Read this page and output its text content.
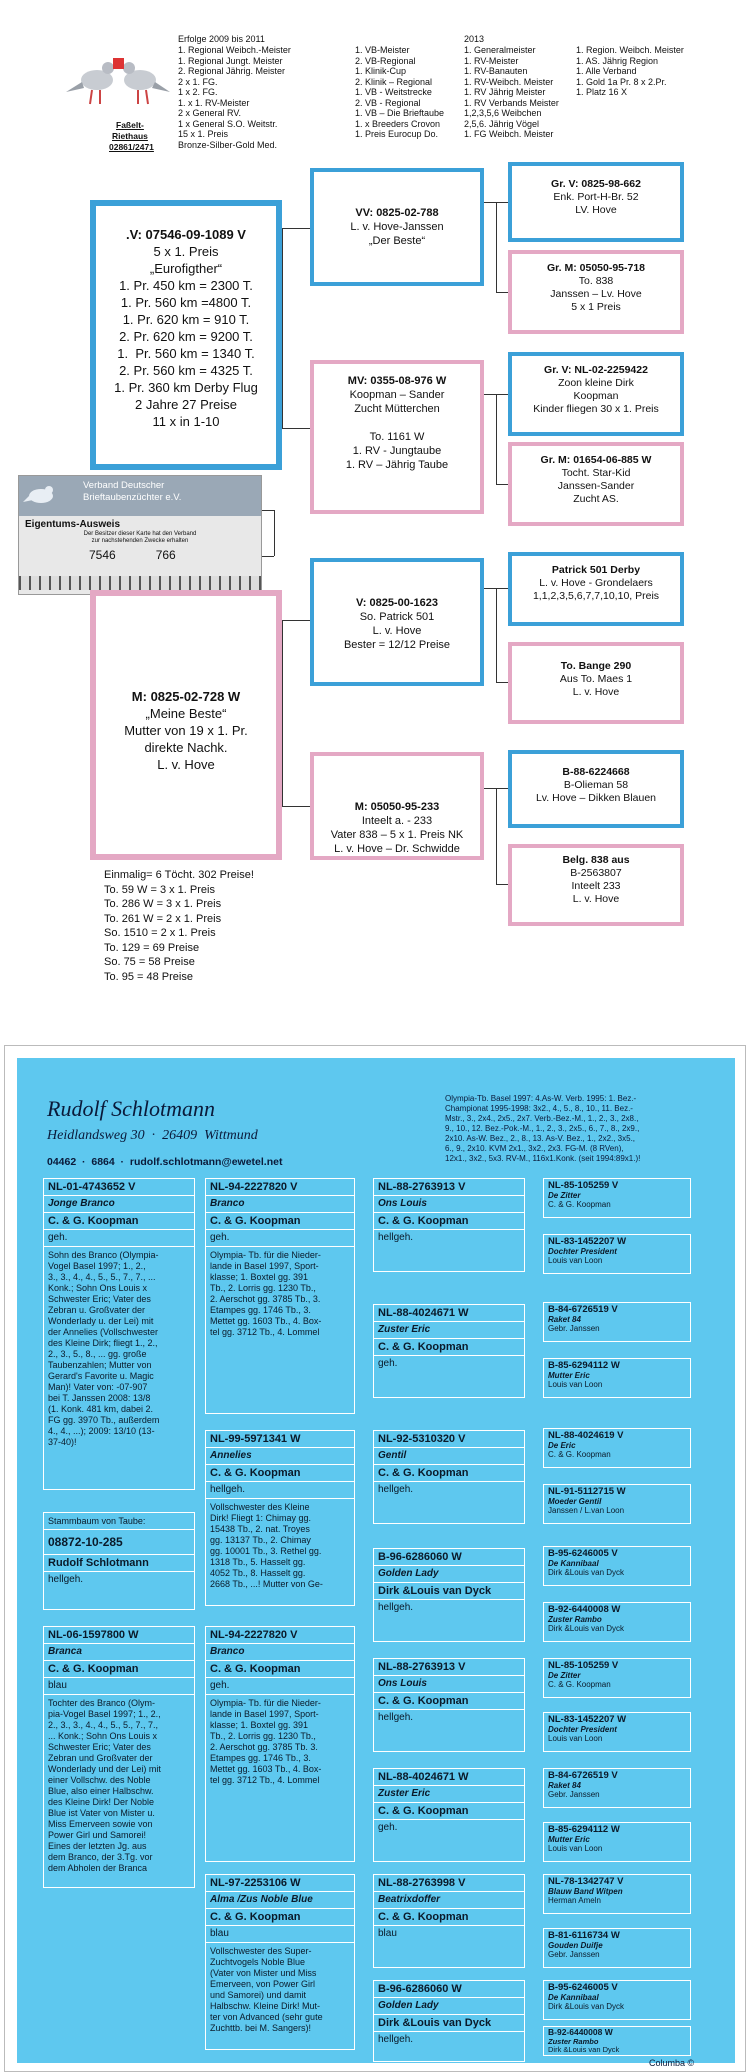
Faßelt-
Riethaus
02861/2471
Erfolge 2009 bis 2011
1. Regional Weibch.-Meister
1. Regional Jungt. Meister
2. Regional Jährig. Meister
2 x 1. FG.
1 x 2. FG.
1. x 1. RV-Meister
2 x General RV.
1 x General S.O. Weitstr.
15 x 1. Preis
Bronze-Silber-Gold Med.
1. VB-Meister
2. VB-Regional
1. Klinik-Cup
2. Klinik – Regional
1. VB - Weitstrecke
2. VB - Regional
1. VB – Die Brieftaube
1. x Breeders Crovon
1. Preis Eurocup Do.
2013
1. Generalmeister
1. RV-Meister
1. RV-Banauten
1. RV-Weibch. Meister
1. RV Jährig Meister
1. RV Verbands Meister
1,2,3,5,6 Weibchen
2,5,6. Jährig Vögel
1. FG Weibch. Meister
1. Region. Weibch. Meister
1. AS. Jährig Region
1. Alle Verband
1. Gold 1a Pr. 8 x 2.Pr.
1. Platz 16 X
.V: 07546-09-1089 V
5 x 1. Preis
„Eurofigther“
1. Pr. 450 km = 2300 T.
1. Pr. 560 km =4800 T.
1. Pr. 620 km = 910 T.
2. Pr. 620 km = 9200 T.
1.  Pr. 560 km = 1340 T.
2. Pr. 560 km = 4325 T.
1. Pr. 360 km Derby Flug
2 Jahre 27 Preise
11 x in 1-10
VV: 0825-02-788
L. v. Hove-Janssen
„Der Beste“
MV: 0355-08-976 W
Koopman – Sander
Zucht Mütterchen

To. 1161 W
1. RV - Jungtaube
1. RV – Jährig Taube
Gr. V: 0825-98-662
Enk. Port-H-Br. 52
LV. Hove
Gr. M: 05050-95-718
To. 838
Janssen – Lv. Hove
5 x 1 Preis
Gr. V: NL-02-2259422
Zoon kleine Dirk
Koopman
Kinder fliegen 30 x 1. Preis
Gr. M: 01654-06-885 W
Tocht. Star-Kid
Janssen-Sander
Zucht AS.
Verband Deutscher
Brieftaubenzüchter e.V.
Eigentums-Ausweis
Der Besitzer dieser Karte hat den Verband
zur nachstehenden Zwecke erhalten
7546	766
M: 0825-02-728 W
„Meine Beste“
Mutter von 19 x 1. Pr.
direkte Nachk.
L. v. Hove
V: 0825-00-1623
So. Patrick 501
L. v. Hove
Bester = 12/12 Preise
M: 05050-95-233
Inteelt a. - 233
Vater 838 – 5 x 1. Preis NK
L. v. Hove – Dr. Schwidde
Patrick 501 Derby
L. v. Hove - Grondelaers
1,1,2,3,5,6,7,7,10,10, Preis
To. Bange 290
Aus To. Maes 1
L. v. Hove
B-88-6224668
B-Olieman 58
Lv. Hove – Dikken Blauen
Belg. 838 aus
B-2563807
Inteelt 233
L. v. Hove
Einmalig= 6 Töcht. 302 Preise!
To. 59 W = 3 x 1. Preis
To. 286 W = 3 x 1. Preis
To. 261 W = 2 x 1. Preis
So. 1510 = 2 x 1. Preis
To. 129 = 69 Preise
So. 75 = 58 Preise
To. 95 = 48 Preise
Rudolf Schlotmann
Heidlandsweg 30  ·  26409  Wittmund
04462  ·  6864  ·  rudolf.schlotmann@ewetel.net
Olympia-Tb. Basel 1997: 4.As-W. Verb. 1995: 1. Bez.-
Championat 1995-1998: 3x2., 4., 5., 8., 10., 11. Bez.-
Mstr., 3., 2x4., 2x5., 2x7. Verb.-Bez.-M., 1., 2., 3., 2x8.,
9., 10., 12. Bez.-Pok.-M., 1., 2., 3., 2x5., 6., 7., 8., 2x9.,
2x10. As-W. Bez., 2., 8., 13. As-V. Bez., 1., 2x2., 3x5.,
6., 9., 2x10. KVM 2x1., 3x2., 2x3. FG-M. (8 RVen),
12x1., 3x2., 5x3. RV-M., 116x1.Konk. (seit 1994:89x1.)!
NL-01-4743652 V
Jonge Branco
C. & G. Koopman
geh.
Sohn des Branco (Olympia-
Vogel Basel 1997; 1., 2.,
3., 3., 4., 4., 5., 5., 7., 7., ...
Konk.; Sohn Ons Louis x
Schwester Eric; Vater des
Zebran u. Großvater der
Wonderlady u. der Lei) mit
der Annelies (Vollschwester
des Kleine Dirk; fliegt 1., 2.,
2., 3., 5., 8., ... gg. große
Taubenzahlen; Mutter von
Gerard's Favorite u. Magic
Man)! Vater von: -07-907
bei T. Janssen 2008: 13/8
(1. Konk. 481 km, dabei 2.
FG gg. 3970 Tb., außerdem
4., 4., ...); 2009: 13/10 (13-
37-40)!
Stammbaum von Taube:
08872-10-285
Rudolf Schlotmann
hellgeh.
NL-06-1597800 W
Branca
C. & G. Koopman
blau
Tochter des Branco (Olym-
pia-Vogel Basel 1997; 1., 2.,
2., 3., 3., 4., 4., 5., 5., 7., 7.,
... Konk.; Sohn Ons Louis x
Schwester Eric; Vater des
Zebran und Großvater der
Wonderlady und der Lei) mit
einer Vollschw. des Noble
Blue, also einer Halbschw.
des Kleine Dirk! Der Noble
Blue ist Vater von Mister u.
Miss Emerveen sowie von
Power Girl und Samorei!
Eines der letzten Jg. aus
dem Branco, der 3.Tg. vor
dem Abholen der Branca
NL-94-2227820 V
Branco
C. & G. Koopman
geh.
Olympia- Tb. für die Nieder-
lande in Basel 1997, Sport-
klasse; 1. Boxtel gg. 391
Tb., 2. Lorris gg. 1230 Tb.,
2. Aerschot gg. 3785 Tb., 3.
Etampes gg. 1746 Tb., 3.
Mettet gg. 1603 Tb., 4. Box-
tel gg. 3712 Tb., 4. Lommel
NL-99-5971341 W
Annelies
C. & G. Koopman
hellgeh.
Vollschwester des Kleine
Dirk! Fliegt 1: Chimay gg.
15438 Tb., 2. nat. Troyes
gg. 13137 Tb., 2. Chimay
gg. 10001 Tb., 3. Rethel gg.
1318 Tb., 5. Hasselt gg.
4052 Tb., 8. Hasselt gg.
2668 Tb., ...! Mutter von Ge-
NL-94-2227820 V
Branco
C. & G. Koopman
geh.
Olympia- Tb. für die Nieder-
lande in Basel 1997, Sport-
klasse; 1. Boxtel gg. 391
Tb., 2. Lorris gg. 1230 Tb.,
2. Aerschot gg. 3785 Tb. 3.
Etampes gg. 1746 Tb., 3.
Mettet gg. 1603 Tb., 4. Box-
tel gg. 3712 Tb., 4. Lommel
NL-97-2253106 W
Alma /Zus Noble Blue
C. & G. Koopman
blau
Vollschwester des Super-
Zuchtvogels Noble Blue
(Vater von Mister und Miss
Emerveen, von Power Girl
und Samorei) und damit
Halbschw. Kleine Dirk! Mut-
ter von Advanced (sehr gute
Zuchttb. bei M. Sangers)!
NL-88-2763913 V
Ons Louis
C. & G. Koopman
hellgeh.
NL-88-4024671 W
Zuster Eric
C. & G. Koopman
geh.
NL-92-5310320 V
Gentil
C. & G. Koopman
hellgeh.
B-96-6286060 W
Golden Lady
Dirk &Louis van Dyck
hellgeh.
NL-88-2763913 V
Ons Louis
C. & G. Koopman
hellgeh.
NL-88-4024671 W
Zuster Eric
C. & G. Koopman
geh.
NL-88-2763998 V
Beatrixdoffer
C. & G. Koopman
blau
B-96-6286060 W
Golden Lady
Dirk &Louis van Dyck
hellgeh.
NL-85-105259 V
De Zitter
C. & G. Koopman
NL-83-1452207 W
Dochter President
Louis van Loon
B-84-6726519 V
Raket 84
Gebr. Janssen
B-85-6294112 W
Mutter Eric
Louis van Loon
NL-88-4024619 V
De Eric
C. & G. Koopman
NL-91-5112715 W
Moeder Gentil
Janssen / L.van Loon
B-95-6246005 V
De Kannibaal
Dirk &Louis van Dyck
B-92-6440008 W
Zuster Rambo
Dirk &Louis van Dyck
NL-85-105259 V
De Zitter
C. & G. Koopman
NL-83-1452207 W
Dochter President
Louis van Loon
B-84-6726519 V
Raket 84
Gebr. Janssen
B-85-6294112 W
Mutter Eric
Louis van Loon
NL-78-1342747 V
Blauw Band Witpen
Herman Ameln
B-81-6116734 W
Gouden Duifje
Gebr. Janssen
B-95-6246005 V
De Kannibaal
Dirk &Louis van Dyck
B-92-6440008 W
Zuster Rambo
Dirk &Louis van Dyck
Columba ©
